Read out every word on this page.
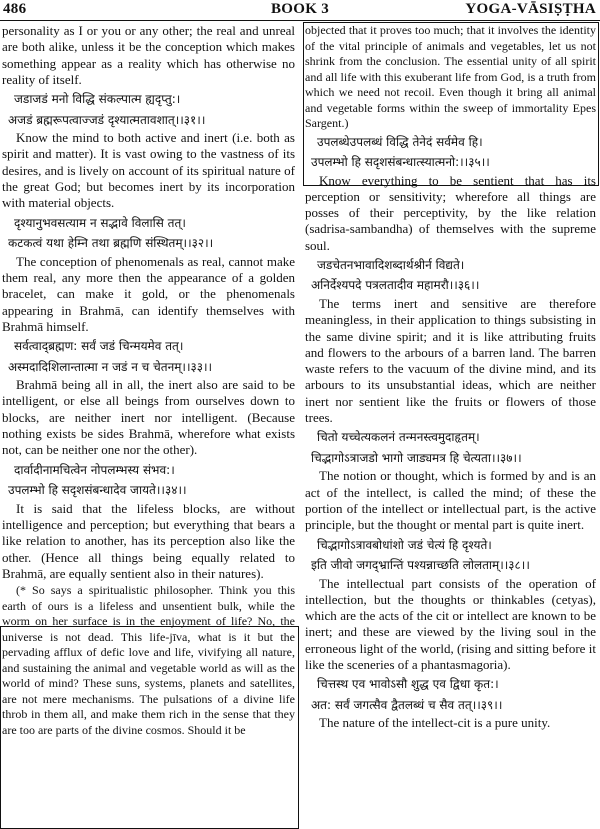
486	BOOK 3	YOGA-VĀSIṢṬHA

personality as I or you or any other; the real and unreal are both alike, unless it be the conception which makes something appear as a reality which has otherwise no reality of itself.

जडाजडं मनो विद्धि संकल्पात्म ह्यदृप्तु:।

अजडं ब्रह्मरूपत्वाज्जडं दृश्यात्मतावशात्।।३१।।

Know the mind to both active and inert (i.e. both as spirit and matter). It is vast owing to the vastness of its desires, and is lively on account of its spiritual nature of the great God; but becomes inert by its incorporation with material objects.

दृश्यानुभवसत्याम न सद्भावे विलासि तत्।

कटकत्वं यथा हेम्नि तथा ब्रह्मणि संस्थितम्।।३२।।

The conception of phenomenals as real, cannot make them real, any more then the appearance of a golden bracelet, can make it gold, or the phenomenals appearing in Brahmā, can identify themselves with Brahmā himself.

सर्वत्वाद्ब्रह्मण: सर्वं जडं चिन्मयमेव तत्।

अस्मदादिशिलान्तात्मा न जडं न च चेतनम्।।३३।।

Brahmā being all in all, the inert also are said to be intelligent, or else all beings from ourselves down to blocks, are neither inert nor intelligent. (Because nothing exists be sides Brahmā, wherefore what exists not, can be neither one nor the other).

दार्वादीनामचित्वेन नोपलम्भस्य संभव:।

उपलम्भो हि सदृशसंबन्धादेव जायते।।३४।।

It is said that the lifeless blocks, are without intelligence and perception; but everything that bears a like relation to another, has its perception also like the other. (Hence all things being equally related to Brahmā, are equally sentient also in their natures).

(* So says a spiritualistic philosopher. Think you this earth of ours is a lifeless and unsentient bulk, while the worm on her surface is in the enjoyment of life? No, the universe is not dead. This life-jīva, what is it but the pervading afflux of defic love and life, vivifying all nature, and sustaining the animal and vegetable world as will as the world of mind? These suns, systems, planets and satellites, are not mere mechanisms. The pulsations of a divine life throb in them all, and make them rich in the sense that they are too are parts of the divine cosmos. Should it be

objected that it proves too much; that it involves the identity of the vital principle of animals and vegetables, let us not shrink from the conclusion. The essential unity of all spirit and all life with this exuberant life from God, is a truth from which we need not recoil. Even though it bring all animal and vegetable forms within the sweep of immortality Epes Sargent.)

उपलब्धेउपलब्धं विद्धि तेनेदं सर्वमेव हि।

उपलम्भो हि सदृशसंबन्धात्स्यात्मनो:।।३५।।

Know everything to be sentient that has its perception or sensitivity; wherefore all things are posses of their perceptivity, by the like relation (sadrisa-sambandha) of themselves with the supreme soul.

जडचेतनभावादिशब्दार्थश्रीर्न विद्यते।

अनिर्देश्यपदे पत्रलतादीव महामरौ।।३६।।

The terms inert and sensitive are therefore meaningless, in their application to things subsisting in the same divine spirit; and it is like attributing fruits and flowers to the arbours of a barren land. The barren waste refers to the vacuum of the divine mind, and its arbours to its unsubstantial ideas, which are neither inert nor sentient like the fruits or flowers of those trees.

चितो यच्चेत्यकलनं तन्मनस्त्वमुदाहृतम्।

चिद्भागोऽत्राजडो भागो जाड्यमत्र हि चेत्यता।।३७।।

The notion or thought, which is formed by and is an act of the intellect, is called the mind; of these the portion of the intellect or intellectual part, is the active principle, but the thought or mental part is quite inert.

चिद्भागोऽत्रावबोधांशो जडं चेत्यं हि दृश्यते।

इति जीवो जगद्भ्रान्तिं पश्यन्नाच्छति लोलताम्।।३८।।

The intellectual part consists of the operation of intellection, but the thoughts or thinkables (cetyas), which are the acts of the cit or intellect are known to be inert; and these are viewed by the living soul in the erroneous light of the world, (rising and sitting before it like the sceneries of a phantasmagoria).

चित्तस्थ एव भावोऽसौ शुद्ध एव द्विधा कृत:।

अत: सर्वं जगत्सैव द्वैतलब्धं च सैव तत्।।३९।।

The nature of the intellect-cit is a pure unity.
